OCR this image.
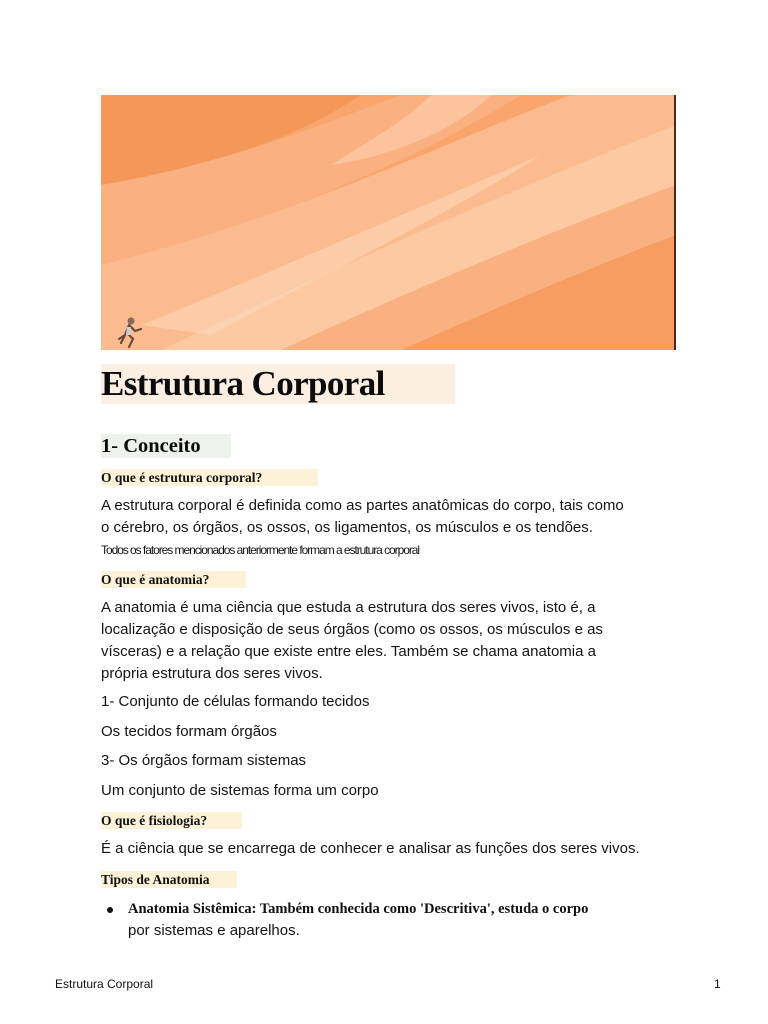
Estrutura Corporal
1- Conceito
O que é estrutura corporal?

A estrutura corporal é definida como as partes anatômicas do corpo, tais como

o cérebro, os órgãos, os ossos, os ligamentos, os músculos e os tendões.

Todos os fatores mencionados anteriormente formam a estrutura corporal
O que é anatomia?

A anatomia é uma ciência que estuda a estrutura dos seres vivos, isto é, a

localização e disposição de seus órgãos (como os ossos, os músculos e as

vísceras) e a relação que existe entre eles. Também se chama anatomia a

própria estrutura dos seres vivos.

1- Conjunto de células formando tecidos

Os tecidos formam órgãos

3- Os órgãos formam sistemas

Um conjunto de sistemas forma um corpo

O que é fisiologia?

É a ciência que se encarrega de conhecer e analisar as funções dos seres vivos.

Tipos de Anatomia
Anatomia Sistêmica: Também conhecida como 'Descritiva', estuda o corpo
por sistemas e aparelhos.
Estrutura Corporal	1
